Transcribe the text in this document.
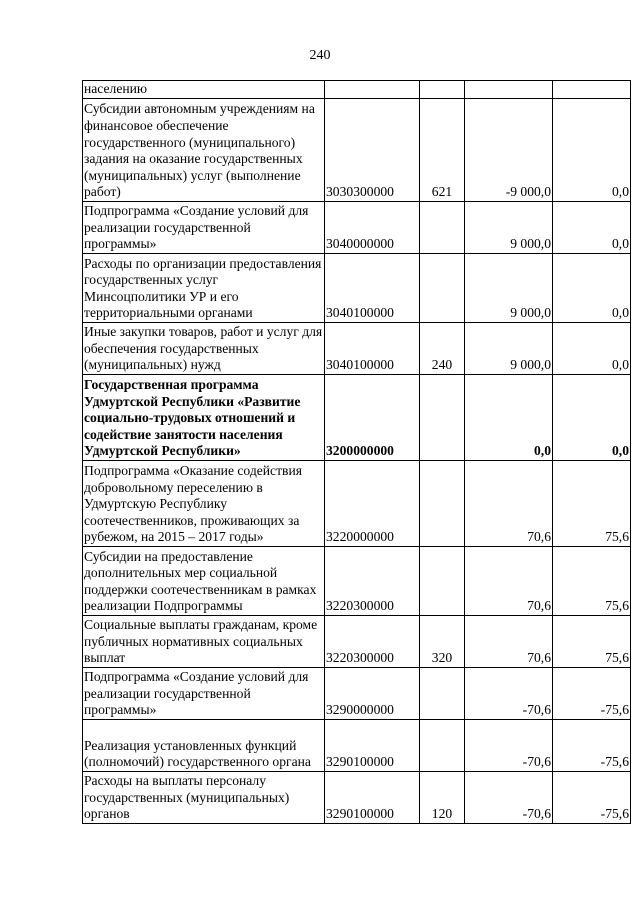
240
населению				
Субсидии автономным учреждениям на финансовое обеспечение государственного (муниципального) задания на оказание государственных (муниципальных) услуг (выполнение работ)	3030300000	621	-9 000,0	0,0
Подпрограмма «Создание условий для реализации государственной программы»	3040000000		9 000,0	0,0
Расходы по организации предоставления государственных услуг Минсоцполитики УР и его территориальными органами	3040100000		9 000,0	0,0
Иные закупки товаров, работ и услуг для обеспечения государственных (муниципальных) нужд	3040100000	240	9 000,0	0,0
Государственная программа Удмуртской Республики «Развитие социально-трудовых отношений и содействие занятости населения Удмуртской Республики»	3200000000		0,0	0,0
Подпрограмма «Оказание содействия добровольному переселению в Удмуртскую Республику соотечественников, проживающих за рубежом, на 2015 – 2017 годы»	3220000000		70,6	75,6
Субсидии на предоставление дополнительных мер социальной поддержки соотечественникам в рамках реализации Подпрограммы	3220300000		70,6	75,6
Социальные выплаты гражданам, кроме публичных нормативных социальных выплат	3220300000	320	70,6	75,6
Подпрограмма «Создание условий для реализации государственной программы»	3290000000		-70,6	-75,6
Реализация установленных функций (полномочий) государственного органа	3290100000		-70,6	-75,6
Расходы на выплаты персоналу государственных (муниципальных) органов	3290100000	120	-70,6	-75,6
